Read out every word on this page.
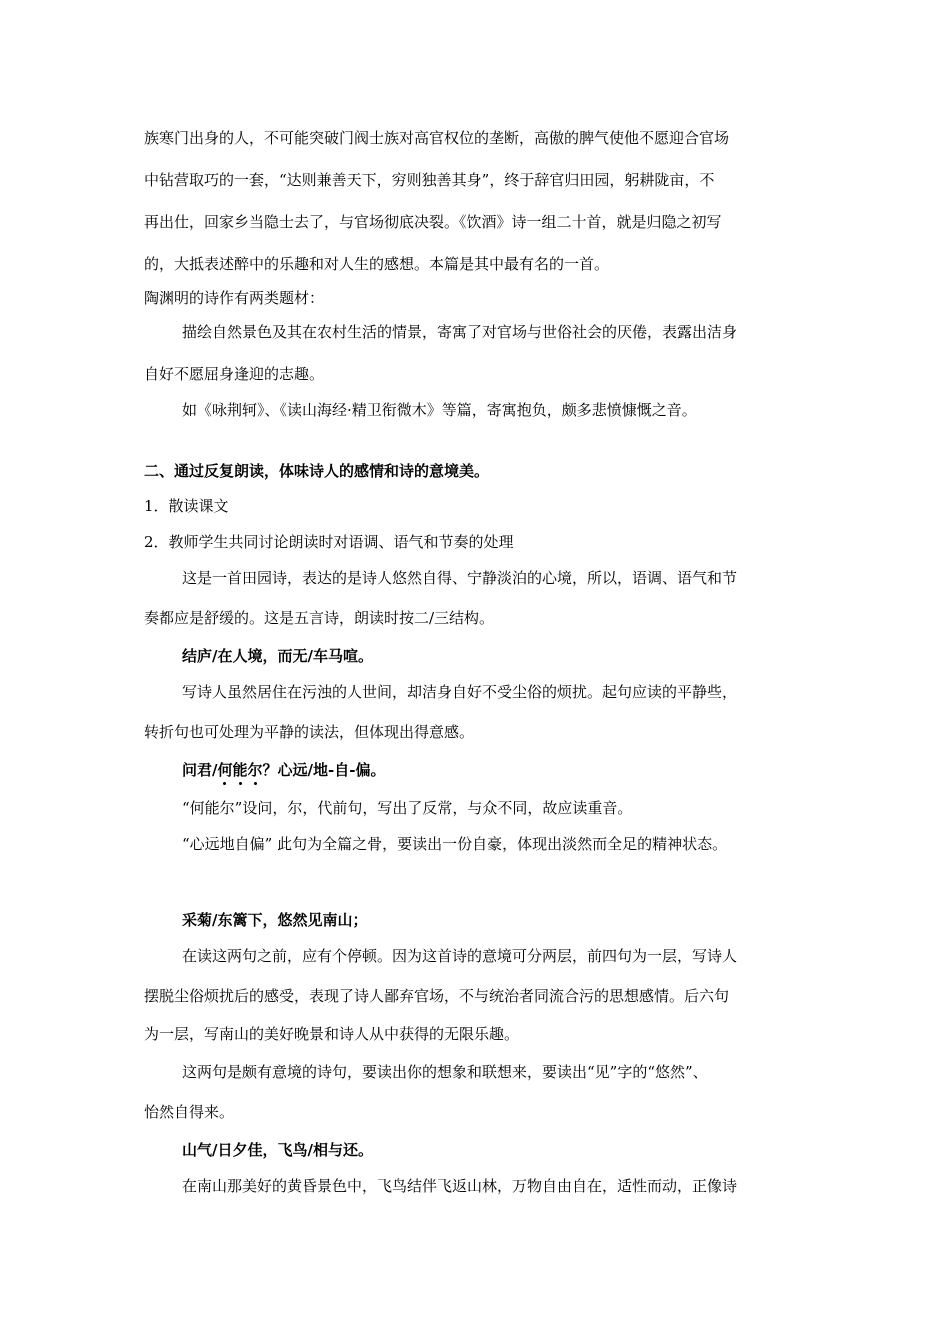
族寒门出身的人，不可能突破门阀士族对高官权位的垄断，高傲的脾气使他不愿迎合官场
中钻营取巧的一套，“达则兼善天下，穷则独善其身”，终于辞官归田园，躬耕陇亩，不
再出仕，回家乡当隐士去了，与官场彻底决裂。《饮酒》诗一组二十首，就是归隐之初写
的，大抵表述醉中的乐趣和对人生的感想。本篇是其中最有名的一首。
陶渊明的诗作有两类题材：
描绘自然景色及其在农村生活的情景，寄寓了对官场与世俗社会的厌倦，表露出洁身
自好不愿屈身逢迎的志趣。
如《咏荆轲》、《读山海经·精卫衔微木》等篇，寄寓抱负，颇多悲愤慷慨之音。
二、通过反复朗读，体味诗人的感情和诗的意境美。
1．散读课文
2．教师学生共同讨论朗读时对语调、语气和节奏的处理
这是一首田园诗，表达的是诗人悠然自得、宁静淡泊的心境，所以，语调、语气和节
奏都应是舒缓的。这是五言诗，朗读时按二/三结构。
结庐/在人境，而无/车马喧。
写诗人虽然居住在污浊的人世间，却洁身自好不受尘俗的烦扰。起句应读的平静些，
转折句也可处理为平静的读法，但体现出得意感。
问君/何能尔？心远/地-自-偏。
“何能尔”设问，尔，代前句，写出了反常，与众不同，故应读重音。
“心远地自偏” 此句为全篇之骨，要读出一份自豪，体现出淡然而全足的精神状态。
采菊/东篱下，悠然见南山；
在读这两句之前，应有个停顿。因为这首诗的意境可分两层，前四句为一层，写诗人
摆脱尘俗烦扰后的感受，表现了诗人鄙弃官场，不与统治者同流合污的思想感情。后六句
为一层，写南山的美好晚景和诗人从中获得的无限乐趣。
这两句是颇有意境的诗句，要读出你的想象和联想来，要读出“见”字的“悠然”、
怡然自得来。
山气/日夕佳，飞鸟/相与还。
在南山那美好的黄昏景色中，飞鸟结伴飞返山林，万物自由自在，适性而动，正像诗
